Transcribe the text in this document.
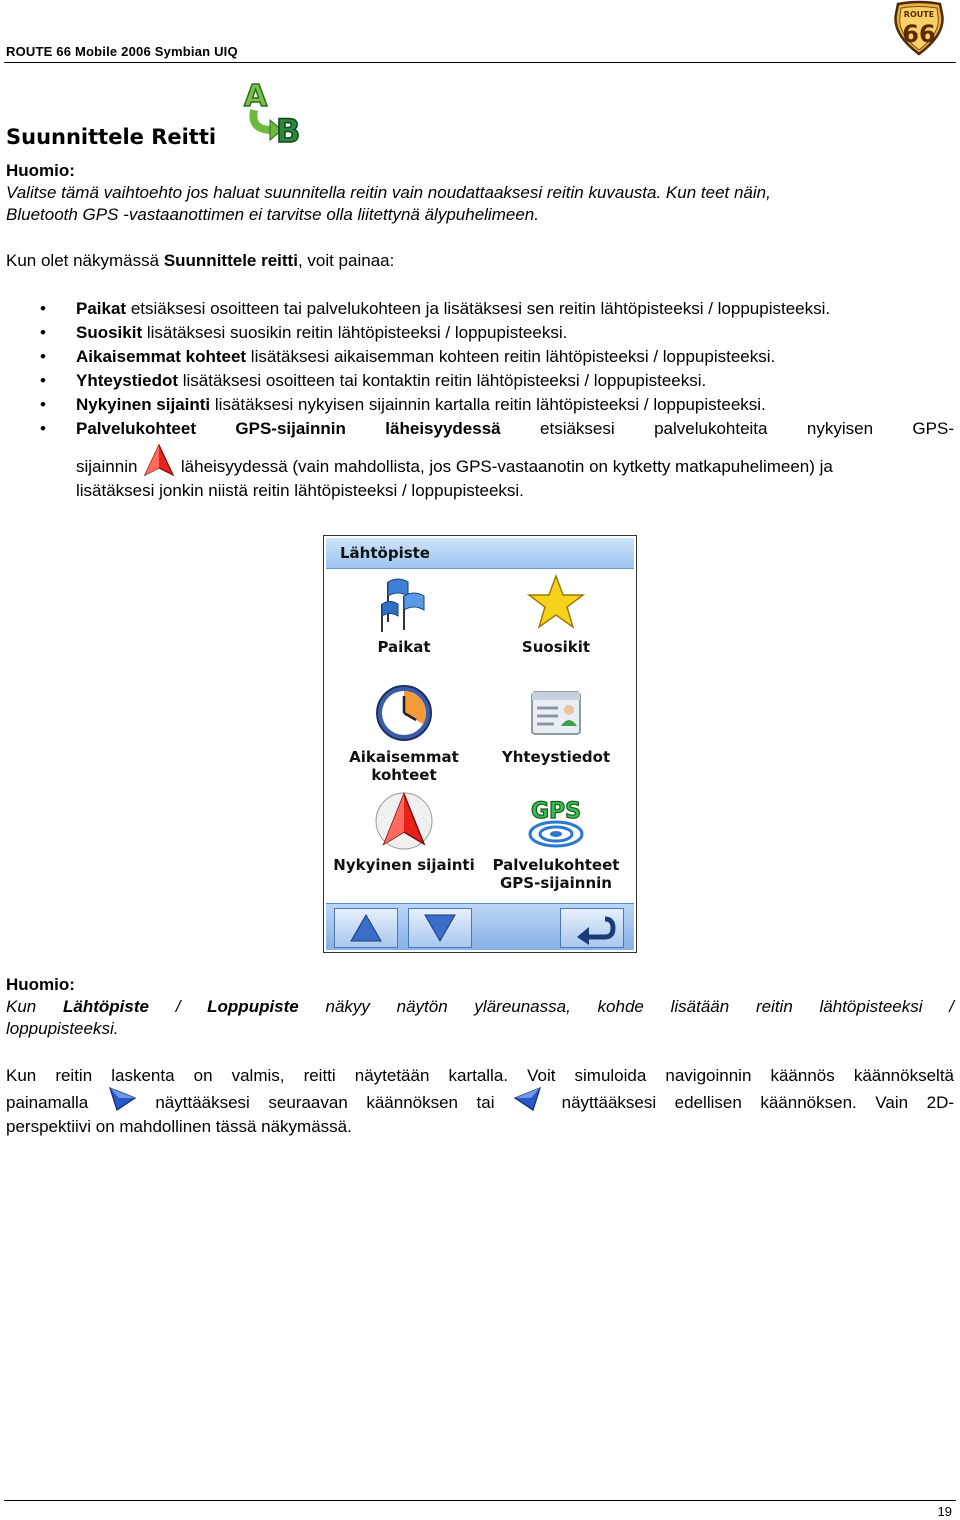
ROUTE 66 Mobile 2006 Symbian UIQ
ROUTE
66
Suunnittele Reitti
A
B
Huomio:
Valitse tämä vaihtoehto jos haluat suunnitella reitin vain noudattaaksesi reitin kuvausta. Kun teet näin,
Bluetooth GPS -vastaanottimen ei tarvitse olla liitettynä älypuhelimeen.
Kun olet näkymässä Suunnittele reitti, voit painaa:
• Paikat etsiäksesi osoitteen tai palvelukohteen ja lisätäksesi sen reitin lähtöpisteeksi / loppupisteeksi.
• Suosikit lisätäksesi suosikin reitin lähtöpisteeksi / loppupisteeksi.
• Aikaisemmat kohteet lisätäksesi aikaisemman kohteen reitin lähtöpisteeksi / loppupisteeksi.
• Yhteystiedot lisätäksesi osoitteen tai kontaktin reitin lähtöpisteeksi / loppupisteeksi.
• Nykyinen sijainti lisätäksesi nykyisen sijainnin kartalla reitin lähtöpisteeksi / loppupisteeksi.
• Palvelukohteet GPS-sijainnin läheisyydessä etsiäksesi palvelukohteita nykyisen GPS-
sijainnin  läheisyydessä (vain mahdollista, jos GPS-vastaanotin on kytketty matkapuhelimeen) ja
lisätäksesi jonkin niistä reitin lähtöpisteeksi / loppupisteeksi.
Lähtöpiste
Paikat	Suosikit
Aikaisemmat
kohteet
Yhteystiedot
Nykyinen sijainti
GPS
Palvelukohteet
GPS-sijainnin
Huomio:
Kun Lähtöpiste / Loppupiste näkyy näytön yläreunassa, kohde lisätään reitin lähtöpisteeksi /
loppupisteeksi.
Kun reitin laskenta on valmis, reitti näytetään kartalla. Voit simuloida navigoinnin käännös käännökseltä
painamalla  näyttääksesi seuraavan käännöksen tai  näyttääksesi edellisen käännöksen. Vain 2D-
perspektiivi on mahdollinen tässä näkymässä.
19
